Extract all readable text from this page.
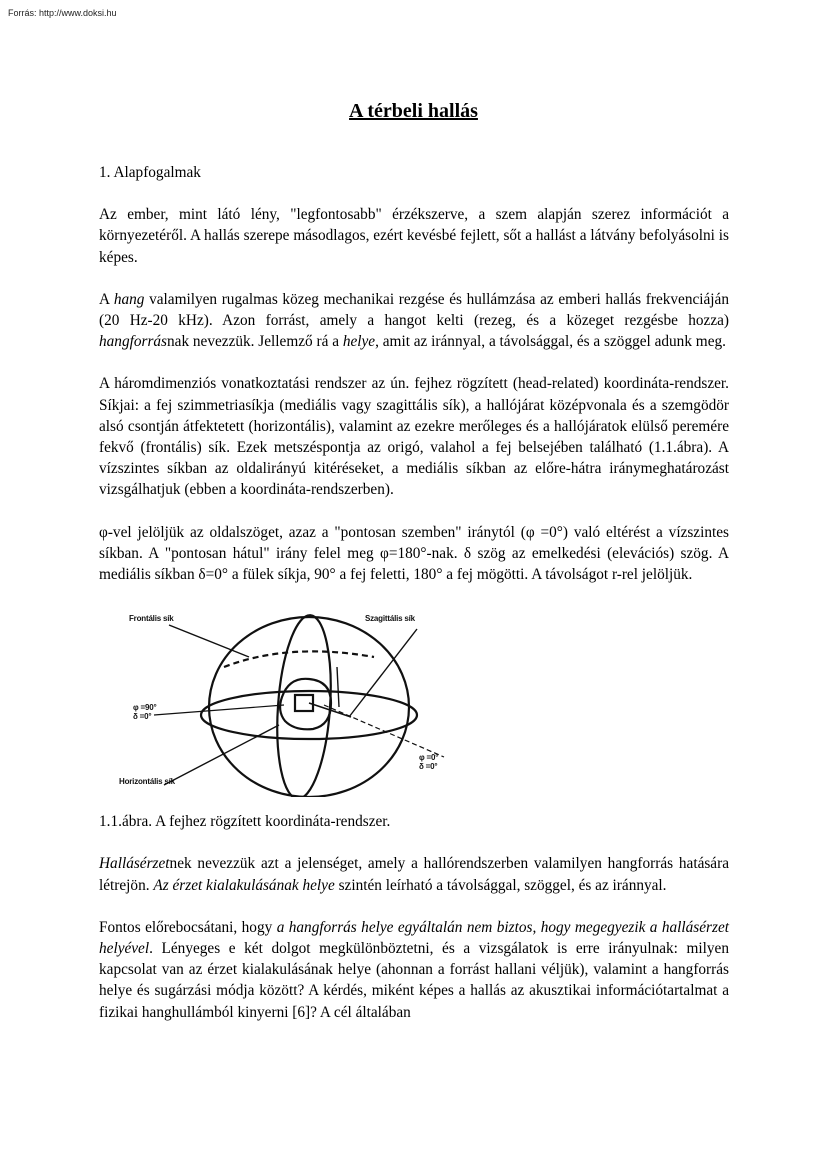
Forrás: http://www.doksi.hu
A térbeli hallás

1. Alapfogalmak

Az ember, mint látó lény, "legfontosabb" érzékszerve, a szem alapján szerez információt a környezetéről. A hallás szerepe másodlagos, ezért kevésbé fejlett, sőt a hallást a látvány befolyásolni is képes.

A hang valamilyen rugalmas közeg mechanikai rezgése és hullámzása az emberi hallás frekvenciáján (20 Hz-20 kHz). Azon forrást, amely a hangot kelti (rezeg, és a közeget rezgésbe hozza) hangforrásnak nevezzük. Jellemző rá a helye, amit az iránnyal, a távolsággal, és a szöggel adunk meg.

A háromdimenziós vonatkoztatási rendszer az ún. fejhez rögzített (head-related) koordináta-rendszer. Síkjai: a fej szimmetriasíkja (mediális vagy szagittális sík), a hallójárat középvonala és a szemgödör alsó csontján átfektetett (horizontális), valamint az ezekre merőleges és a hallójáratok elülső peremére fekvő (frontális) sík. Ezek metszéspontja az origó, valahol a fej belsejében található (1.1.ábra). A vízszintes síkban az oldalirányú kitéréseket, a mediális síkban az előre-hátra iránymeghatározást vizsgálhatjuk (ebben a koordináta-rendszerben).

φ-vel jelöljük az oldalszöget, azaz a "pontosan szemben" iránytól (φ =0°) való eltérést a vízszintes síkban. A "pontosan hátul" irány felel meg φ=180°-nak. δ szög az emelkedési (elevációs) szög. A mediális síkban δ=0° a fülek síkja, 90° a fej feletti, 180° a fej mögötti. A távolságot r-rel jelöljük.

Frontális sík	Szagittális sík
φ =90°
δ =0°
φ =0°
δ =0°
Horizontális sík

1.1.ábra. A fejhez rögzített koordináta-rendszer.

Hallásérzetnek nevezzük azt a jelenséget, amely a hallórendszerben valamilyen hangforrás hatására létrejön. Az érzet kialakulásának helye szintén leírható a távolsággal, szöggel, és az iránnyal.

Fontos előrebocsátani, hogy a hangforrás helye egyáltalán nem biztos, hogy megegyezik a hallásérzet helyével. Lényeges e két dolgot megkülönböztetni, és a vizsgálatok is erre irányulnak: milyen kapcsolat van az érzet kialakulásának helye (ahonnan a forrást hallani véljük), valamint a hangforrás helye és sugárzási módja között? A kérdés, miként képes a hallás az akusztikai információtartalmat a fizikai hanghullámból kinyerni [6]? A cél általában
